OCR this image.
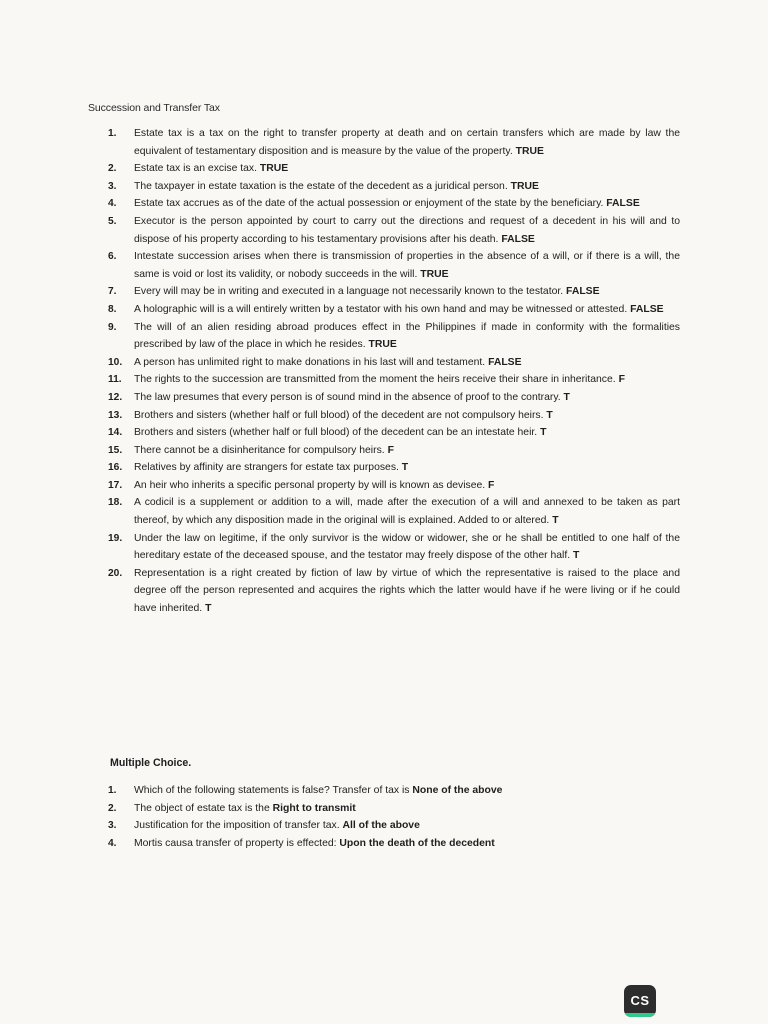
Succession and Transfer Tax
1. Estate tax is a tax on the right to transfer property at death and on certain transfers which are made by law the equivalent of testamentary disposition and is measure by the value of the property. TRUE
2. Estate tax is an excise tax. TRUE
3. The taxpayer in estate taxation is the estate of the decedent as a juridical person. TRUE
4. Estate tax accrues as of the date of the actual possession or enjoyment of the state by the beneficiary. FALSE
5. Executor is the person appointed by court to carry out the directions and request of a decedent in his will and to dispose of his property according to his testamentary provisions after his death. FALSE
6. Intestate succession arises when there is transmission of properties in the absence of a will, or if there is a will, the same is void or lost its validity, or nobody succeeds in the will. TRUE
7. Every will may be in writing and executed in a language not necessarily known to the testator. FALSE
8. A holographic will is a will entirely written by a testator with his own hand and may be witnessed or attested. FALSE
9. The will of an alien residing abroad produces effect in the Philippines if made in conformity with the formalities prescribed by law of the place in which he resides. TRUE
10. A person has unlimited right to make donations in his last will and testament. FALSE
11. The rights to the succession are transmitted from the moment the heirs receive their share in inheritance. F
12. The law presumes that every person is of sound mind in the absence of proof to the contrary. T
13. Brothers and sisters (whether half or full blood) of the decedent are not compulsory heirs. T
14. Brothers and sisters (whether half or full blood) of the decedent can be an intestate heir. T
15. There cannot be a disinheritance for compulsory heirs. F
16. Relatives by affinity are strangers for estate tax purposes. T
17. An heir who inherits a specific personal property by will is known as devisee. F
18. A codicil is a supplement or addition to a will, made after the execution of a will and annexed to be taken as part thereof, by which any disposition made in the original will is explained. Added to or altered. T
19. Under the law on legitime, if the only survivor is the widow or widower, she or he shall be entitled to one half of the hereditary estate of the deceased spouse, and the testator may freely dispose of the other half. T
20. Representation is a right created by fiction of law by virtue of which the representative is raised to the place and degree off the person represented and acquires the rights which the latter would have if he were living or if he could have inherited. T
Multiple Choice.
1. Which of the following statements is false? Transfer of tax is None of the above
2. The object of estate tax is the Right to transmit
3. Justification for the imposition of transfer tax. All of the above
4. Mortis causa transfer of property is effected: Upon the death of the decedent
CS
